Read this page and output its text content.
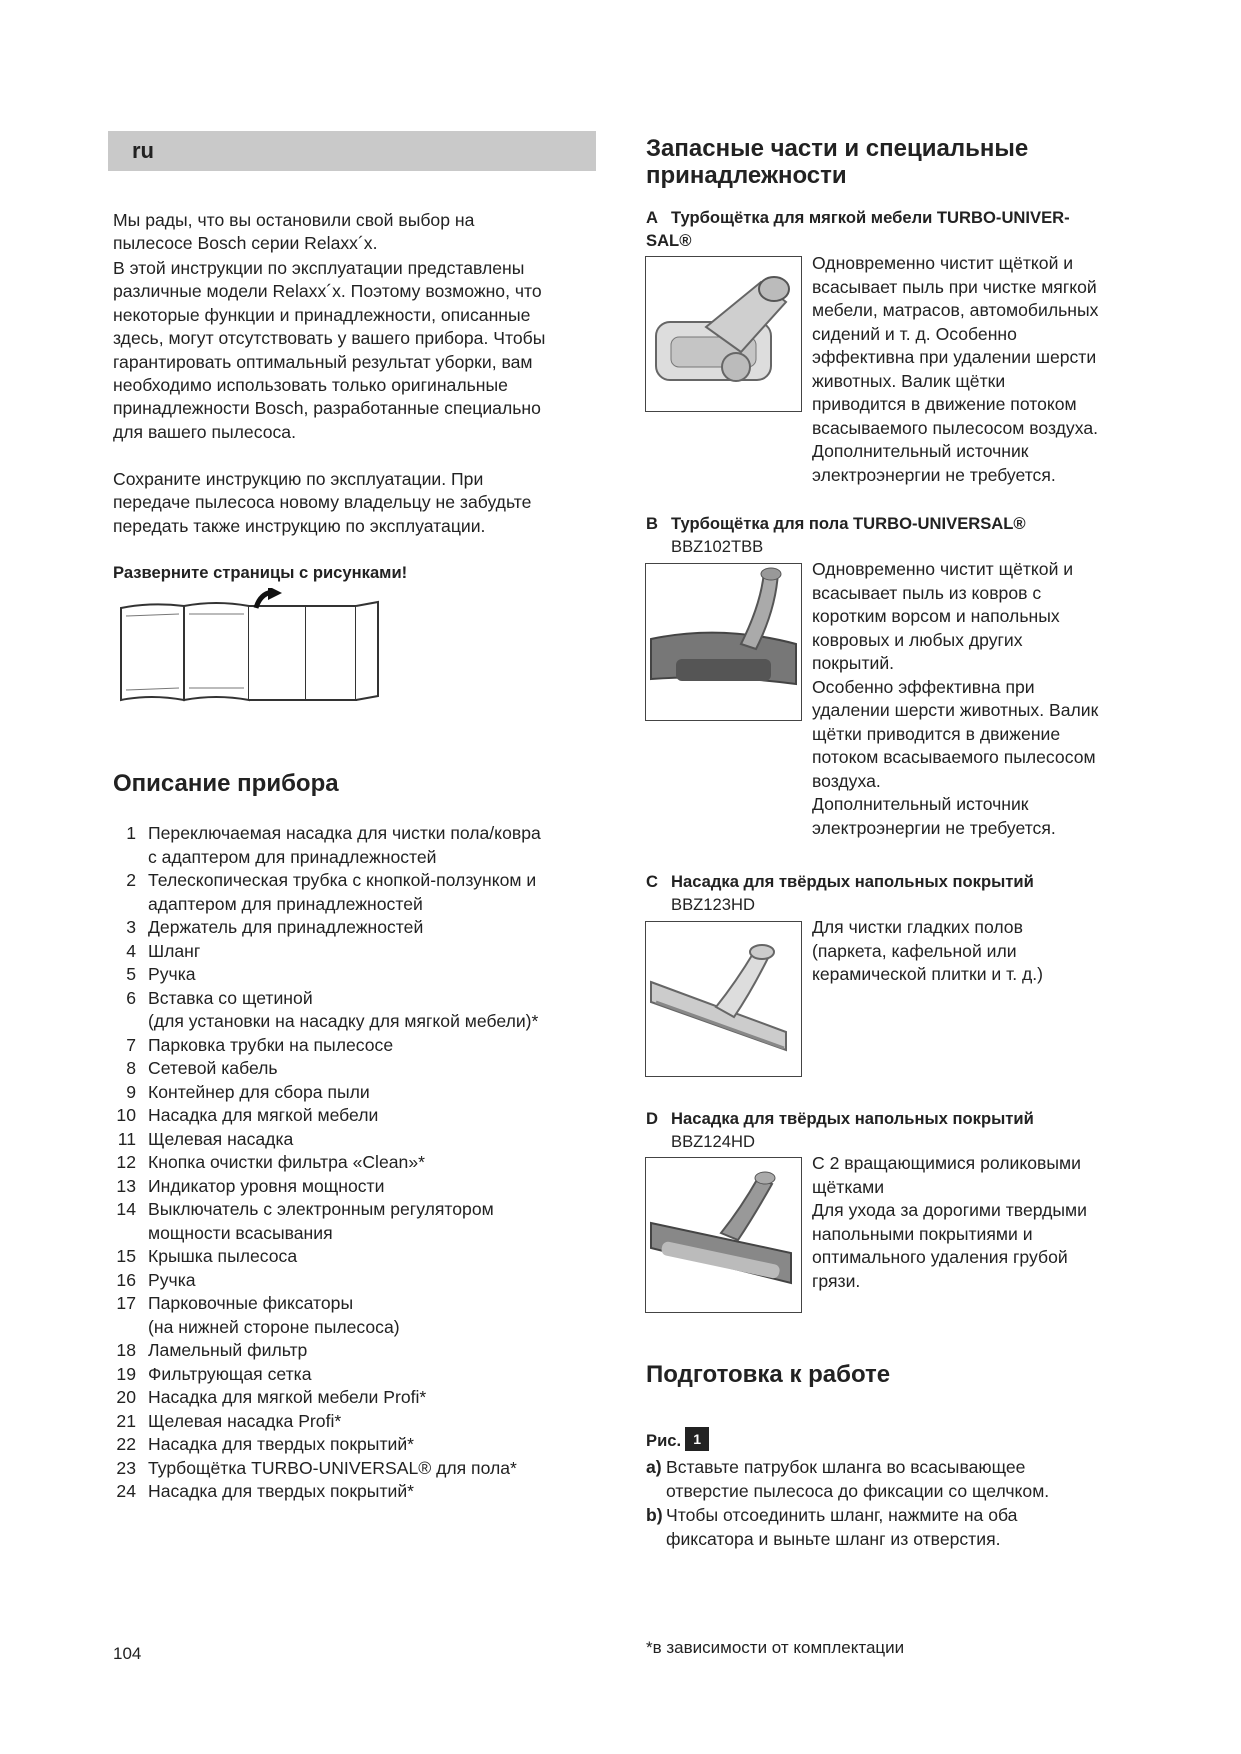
ru
Мы рады, что вы остановили свой выбор на
пылесосе Bosch серии Relaxx´x.
В этой инструкции по эксплуатации представлены
различные модели Relaxx´x. Поэтому возможно, что
некоторые функции и принадлежности, описанные
здесь, могут отсутствовать у вашего прибора. Чтобы
гарантировать оптимальный результат уборки, вам
необходимо использовать только оригинальные
принадлежности Bosch, разработанные специально
для вашего пылесоса.
Сохраните инструкцию по эксплуатации. При
передаче пылесоса новому владельцу не забудьте
передать также инструкцию по эксплуатации.
Разверните страницы с рисунками!
Описание прибора
1 Переключаемая насадка для чистки пола/ковра
с адаптером для принадлежностей
2 Телескопическая трубка с кнопкой-ползунком и
адаптером для принадлежностей
3 Держатель для принадлежностей
4 Шланг
5 Ручка
6 Вставка со щетиной
(для установки на насадку для мягкой мебели)*
7 Парковка трубки на пылесосе
8 Сетевой кабель
9 Контейнер для сбора пыли
10 Насадка для мягкой мебели
11 Щелевая насадка
12 Кнопка очистки фильтра «Clean»*
13 Индикатор уровня мощности
14 Выключатель с электронным регулятором
мощности всасывания
15 Крышка пылесоса
16 Ручка
17 Парковочные фиксаторы
(на нижней стороне пылесоса)
18 Ламельный фильтр
19 Фильтрующая сетка
20 Насадка для мягкой мебели Profi*
21 Щелевая насадка Profi*
22 Насадка для твердых покрытий*
23 Турбощётка TURBO-UNIVERSAL® для пола*
24 Насадка для твердых покрытий*
Запасные части и специальные
принадлежности
A Турбощётка для мягкой мебели TURBO-UNIVER-
SAL®
Одновременно чистит щёткой и
всасывает пыль при чистке мягкой
мебели, матрасов, автомобильных
сидений и т. д. Особенно
эффективна при удалении шерсти
животных. Валик щётки
приводится в движение потоком
всасываемого пылесосом воздуха.
Дополнительный источник
электроэнергии не требуется.
B Турбощётка для пола TURBO-UNIVERSAL®
BBZ102TBB
Одновременно чистит щёткой и
всасывает пыль из ковров с
коротким ворсом и напольных
ковровых и любых других
покрытий.
Особенно эффективна при
удалении шерсти животных. Валик
щётки приводится в движение
потоком всасываемого пылесосом
воздуха.
Дополнительный источник
электроэнергии не требуется.
C Насадка для твёрдых напольных покрытий
BBZ123HD
Для чистки гладких полов
(паркета, кафельной или
керамической плитки и т. д.)
D Насадка для твёрдых напольных покрытий
BBZ124HD
С 2 вращающимися роликовыми
щётками
Для ухода за дорогими твердыми
напольными покрытиями и
оптимального удаления грубой
грязи.
Подготовка к работе
Рис. 1
a) Вставьте патрубок шланга во всасывающее
отверстие пылесоса до фиксации со щелчком.
b) Чтобы отсоединить шланг, нажмите на оба
фиксатора и выньте шланг из отверстия.
104	*в зависимости от комплектации
